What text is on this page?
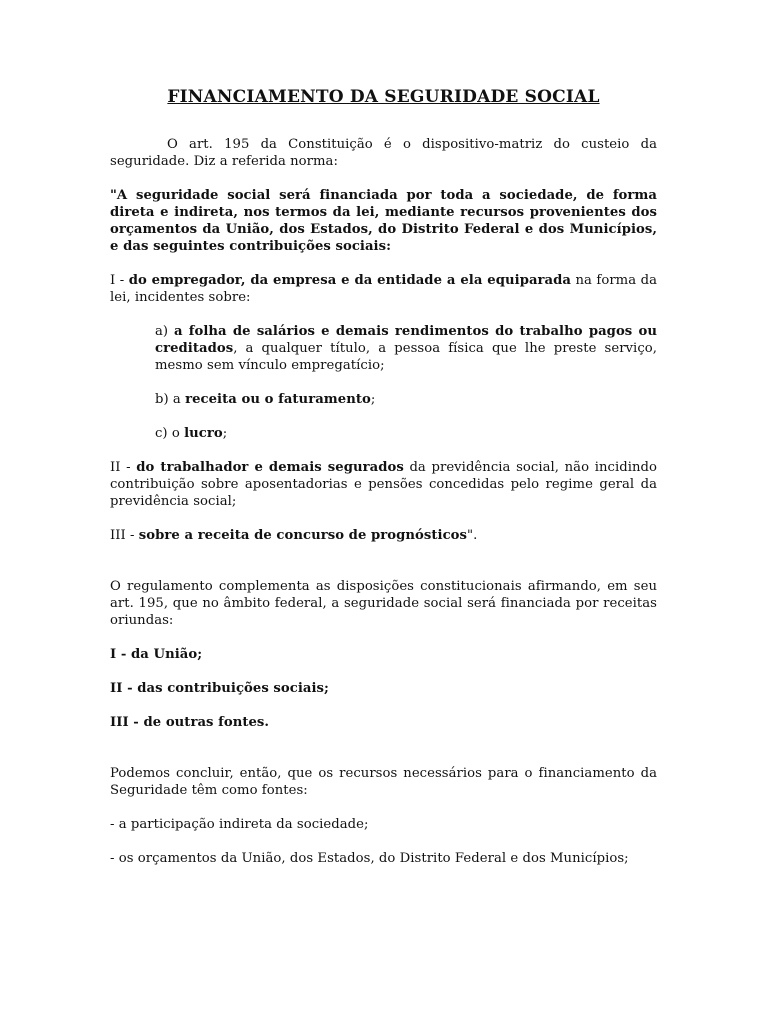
FINANCIAMENTO DA SEGURIDADE SOCIAL

O art. 195 da Constituição é o dispositivo-matriz do custeio da seguridade. Diz a referida norma:

"A seguridade social será financiada por toda a sociedade, de forma direta e indireta, nos termos da lei, mediante recursos provenientes dos orçamentos da União, dos Estados, do Distrito Federal e dos Municípios, e das seguintes contribuições sociais:

I - do empregador, da empresa e da entidade a ela equiparada na forma da lei, incidentes sobre:

a) a folha de salários e demais rendimentos do trabalho pagos ou creditados, a qualquer título, a pessoa física que lhe preste serviço, mesmo sem vínculo empregatício;

b) a receita ou o faturamento;

c) o lucro;

II - do trabalhador e demais segurados da previdência social, não incidindo contribuição sobre aposentadorias e pensões concedidas pelo regime geral da previdência social;

III - sobre a receita de concurso de prognósticos".

O regulamento complementa as disposições constitucionais afirmando, em seu art. 195, que no âmbito federal, a seguridade social será financiada por receitas oriundas:

I - da União;

II - das contribuições sociais;

III - de outras fontes.

Podemos concluir, então, que os recursos necessários para o financiamento da Seguridade têm como fontes:

- a participação indireta da sociedade;

- os orçamentos da União, dos Estados, do Distrito Federal e dos Municípios;
